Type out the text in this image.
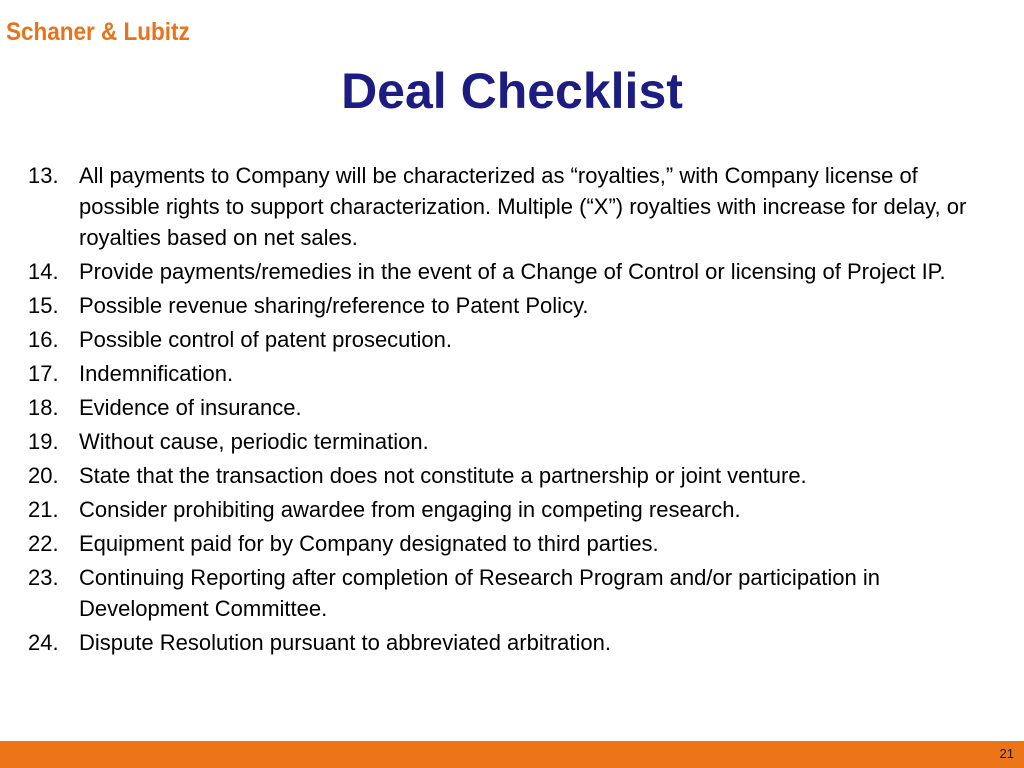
Schaner & Lubitz
Deal Checklist
13. All payments to Company will be characterized as “royalties,” with Company license of possible rights to support characterization. Multiple (“X”) royalties with increase for delay, or royalties based on net sales.
14. Provide payments/remedies in the event of a Change of Control or licensing of Project IP.
15. Possible revenue sharing/reference to Patent Policy.
16. Possible control of patent prosecution.
17. Indemnification.
18. Evidence of insurance.
19. Without cause, periodic termination.
20. State that the transaction does not constitute a partnership or joint venture.
21. Consider prohibiting awardee from engaging in competing research.
22. Equipment paid for by Company designated to third parties.
23. Continuing Reporting after completion of Research Program and/or participation in Development Committee.
24. Dispute Resolution pursuant to abbreviated arbitration.
21
